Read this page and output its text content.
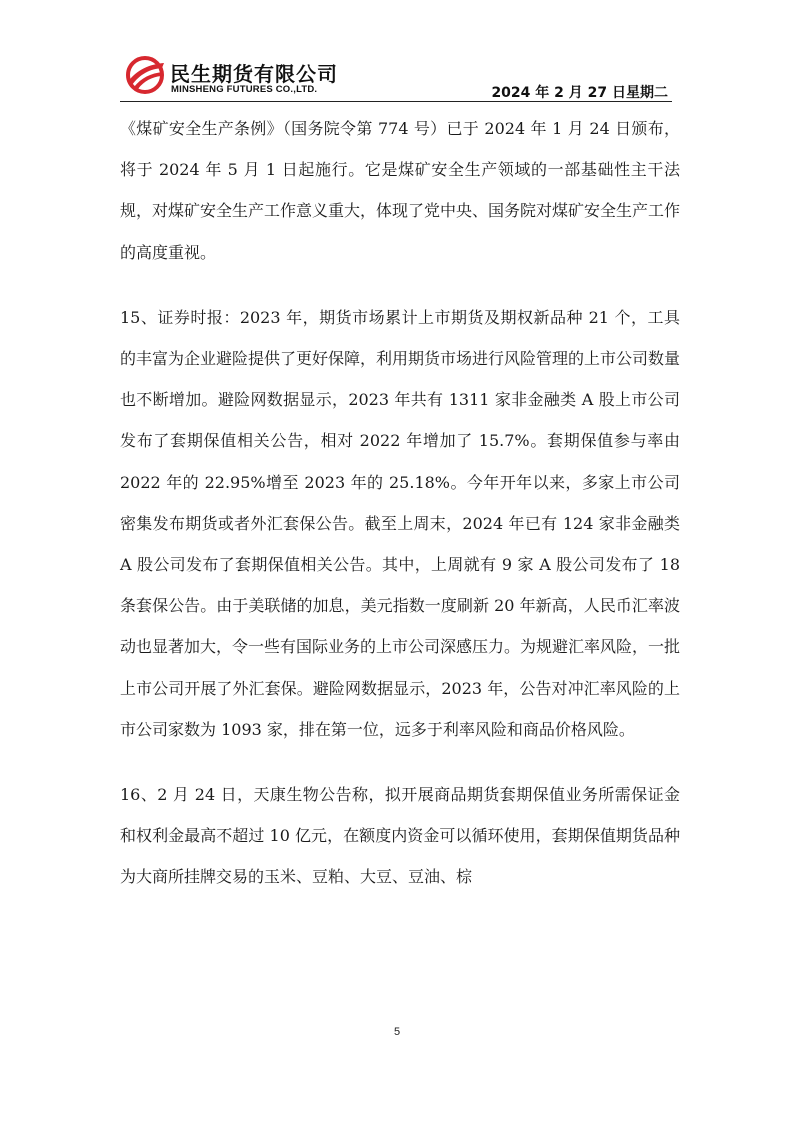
民生期货有限公司
MINSHENG FUTURES CO.,LTD.	2024 年 2 月 27 日星期二

《煤矿安全生产条例》（国务院令第 774 号）已于 2024 年 1 月 24 日颁布，将于 2024 年 5 月 1 日起施行。它是煤矿安全生产领域的一部基础性主干法规，对煤矿安全生产工作意义重大，体现了党中央、国务院对煤矿安全生产工作的高度重视。

15、证券时报：2023 年，期货市场累计上市期货及期权新品种 21 个，工具的丰富为企业避险提供了更好保障，利用期货市场进行风险管理的上市公司数量也不断增加。避险网数据显示，2023 年共有 1311 家非金融类 A 股上市公司发布了套期保值相关公告，相对 2022 年增加了 15.7%。套期保值参与率由 2022 年的 22.95%增至 2023 年的 25.18%。今年开年以来，多家上市公司密集发布期货或者外汇套保公告。截至上周末，2024 年已有 124 家非金融类 A 股公司发布了套期保值相关公告。其中，上周就有 9 家 A 股公司发布了 18 条套保公告。由于美联储的加息，美元指数一度刷新 20 年新高，人民币汇率波动也显著加大，令一些有国际业务的上市公司深感压力。为规避汇率风险，一批上市公司开展了外汇套保。避险网数据显示，2023 年，公告对冲汇率风险的上市公司家数为 1093 家，排在第一位，远多于利率风险和商品价格风险。

16、2 月 24 日，天康生物公告称，拟开展商品期货套期保值业务所需保证金和权利金最高不超过 10 亿元，在额度内资金可以循环使用，套期保值期货品种为大商所挂牌交易的玉米、豆粕、大豆、豆油、棕

5
